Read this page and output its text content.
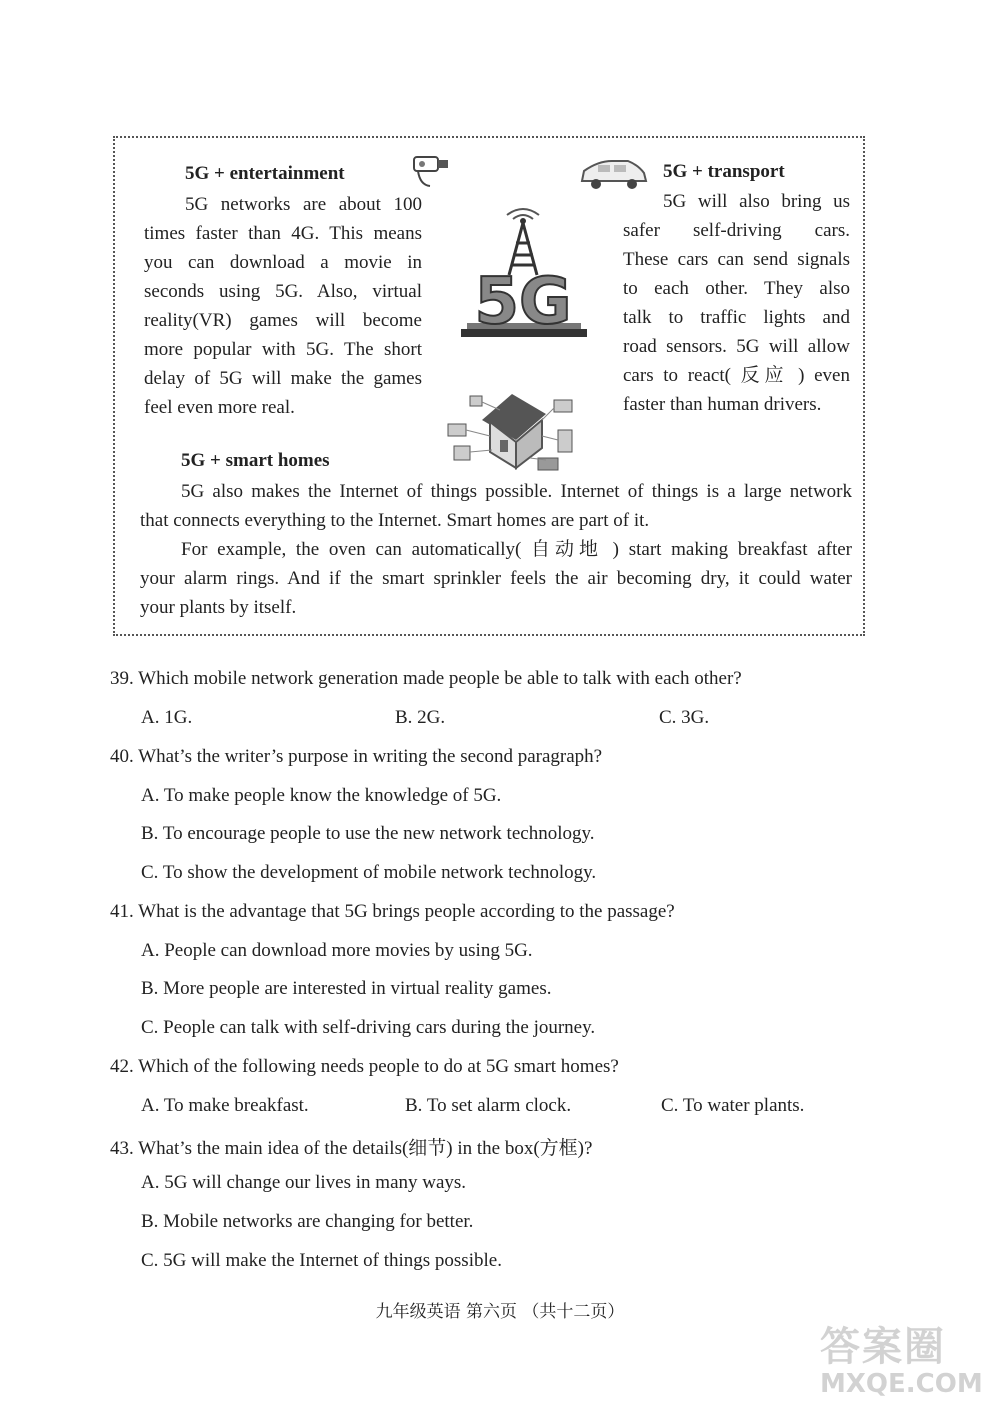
5G
5G + entertainment
5G networks are about 100
times faster than 4G. This means
you can download a movie in
seconds using 5G. Also, virtual
reality(VR) games will become
more popular with 5G. The short
delay of 5G will make the games
feel even more real.
5G + transport
5G will also bring us
safer self-driving cars.
These cars can send signals
to each other. They also
talk to traffic lights and
road sensors. 5G will allow
cars to react( 反应 ) even
faster than human drivers.
5G + smart homes
5G also makes the Internet of things possible. Internet of things is a large network
that connects everything to the Internet. Smart homes are part of it.
For example, the oven can automatically( 自动地 ) start making breakfast after
your alarm rings. And if the smart sprinkler feels the air becoming dry, it could water
your plants by itself.
39. Which mobile network generation made people be able to talk with each other?
A. 1G.	B. 2G.	C. 3G.
40. What’s the writer’s purpose in writing the second paragraph?
A. To make people know the knowledge of 5G.
B. To encourage people to use the new network technology.
C. To show the development of mobile network technology.
41. What is the advantage that 5G brings people according to the passage?
A. People can download more movies by using 5G.
B. More people are interested in virtual reality games.
C. People can talk with self-driving cars during the journey.
42. Which of the following needs people to do at 5G smart homes?
A. To make breakfast.	B. To set alarm clock.	C. To water plants.
43. What’s the main idea of the details(细节) in the box(方框)?
A. 5G will change our lives in many ways.
B. Mobile networks are changing for better.
C. 5G will make the Internet of things possible.
九年级英语 第六页 （共十二页）
答案圈
MXQE.COM
